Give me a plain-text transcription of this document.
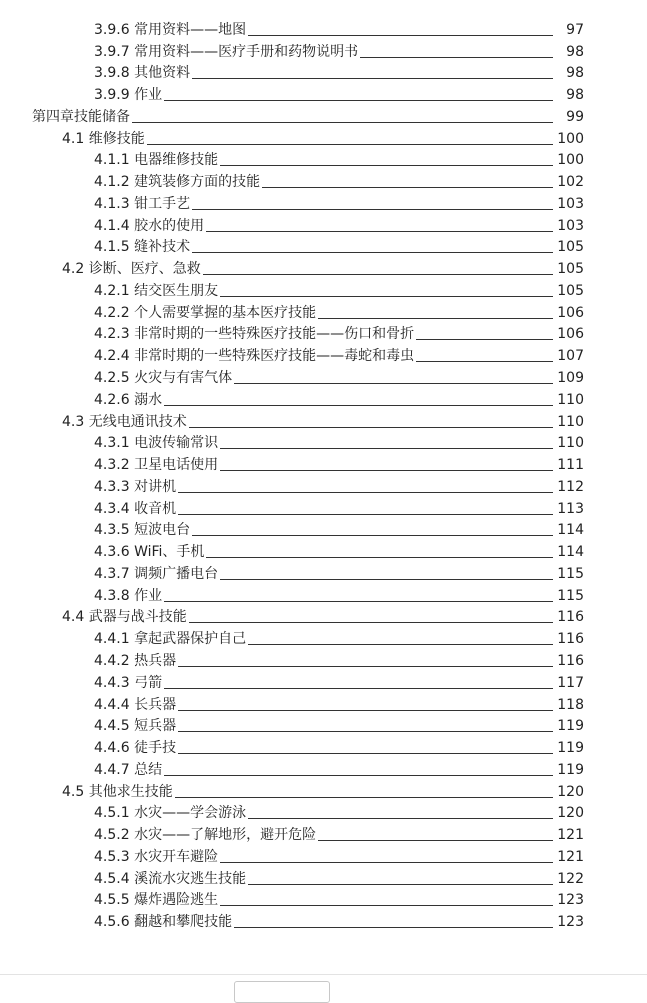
3.9.6 常用资料——地图	97
3.9.7 常用资料——医疗手册和药物说明书	98
3.9.8 其他资料	98
3.9.9 作业	98
第四章技能储备	99
4.1 维修技能	100
4.1.1 电器维修技能	100
4.1.2 建筑装修方面的技能	102
4.1.3 钳工手艺	103
4.1.4 胶水的使用	103
4.1.5 缝补技术	105
4.2 诊断、医疗、急救	105
4.2.1 结交医生朋友	105
4.2.2 个人需要掌握的基本医疗技能	106
4.2.3 非常时期的一些特殊医疗技能——伤口和骨折	106
4.2.4 非常时期的一些特殊医疗技能——毒蛇和毒虫	107
4.2.5 火灾与有害气体	109
4.2.6 溺水	110
4.3 无线电通讯技术	110
4.3.1 电波传输常识	110
4.3.2 卫星电话使用	111
4.3.3 对讲机	112
4.3.4 收音机	113
4.3.5 短波电台	114
4.3.6 WiFi、手机	114
4.3.7 调频广播电台	115
4.3.8 作业	115
4.4 武器与战斗技能	116
4.4.1 拿起武器保护自己	116
4.4.2 热兵器	116
4.4.3 弓箭	117
4.4.4 长兵器	118
4.4.5 短兵器	119
4.4.6 徒手技	119
4.4.7 总结	119
4.5 其他求生技能	120
4.5.1 水灾——学会游泳	120
4.5.2 水灾——了解地形，避开危险	121
4.5.3 水灾开车避险	121
4.5.4 溪流水灾逃生技能	122
4.5.5 爆炸遇险逃生	123
4.5.6 翻越和攀爬技能	123
